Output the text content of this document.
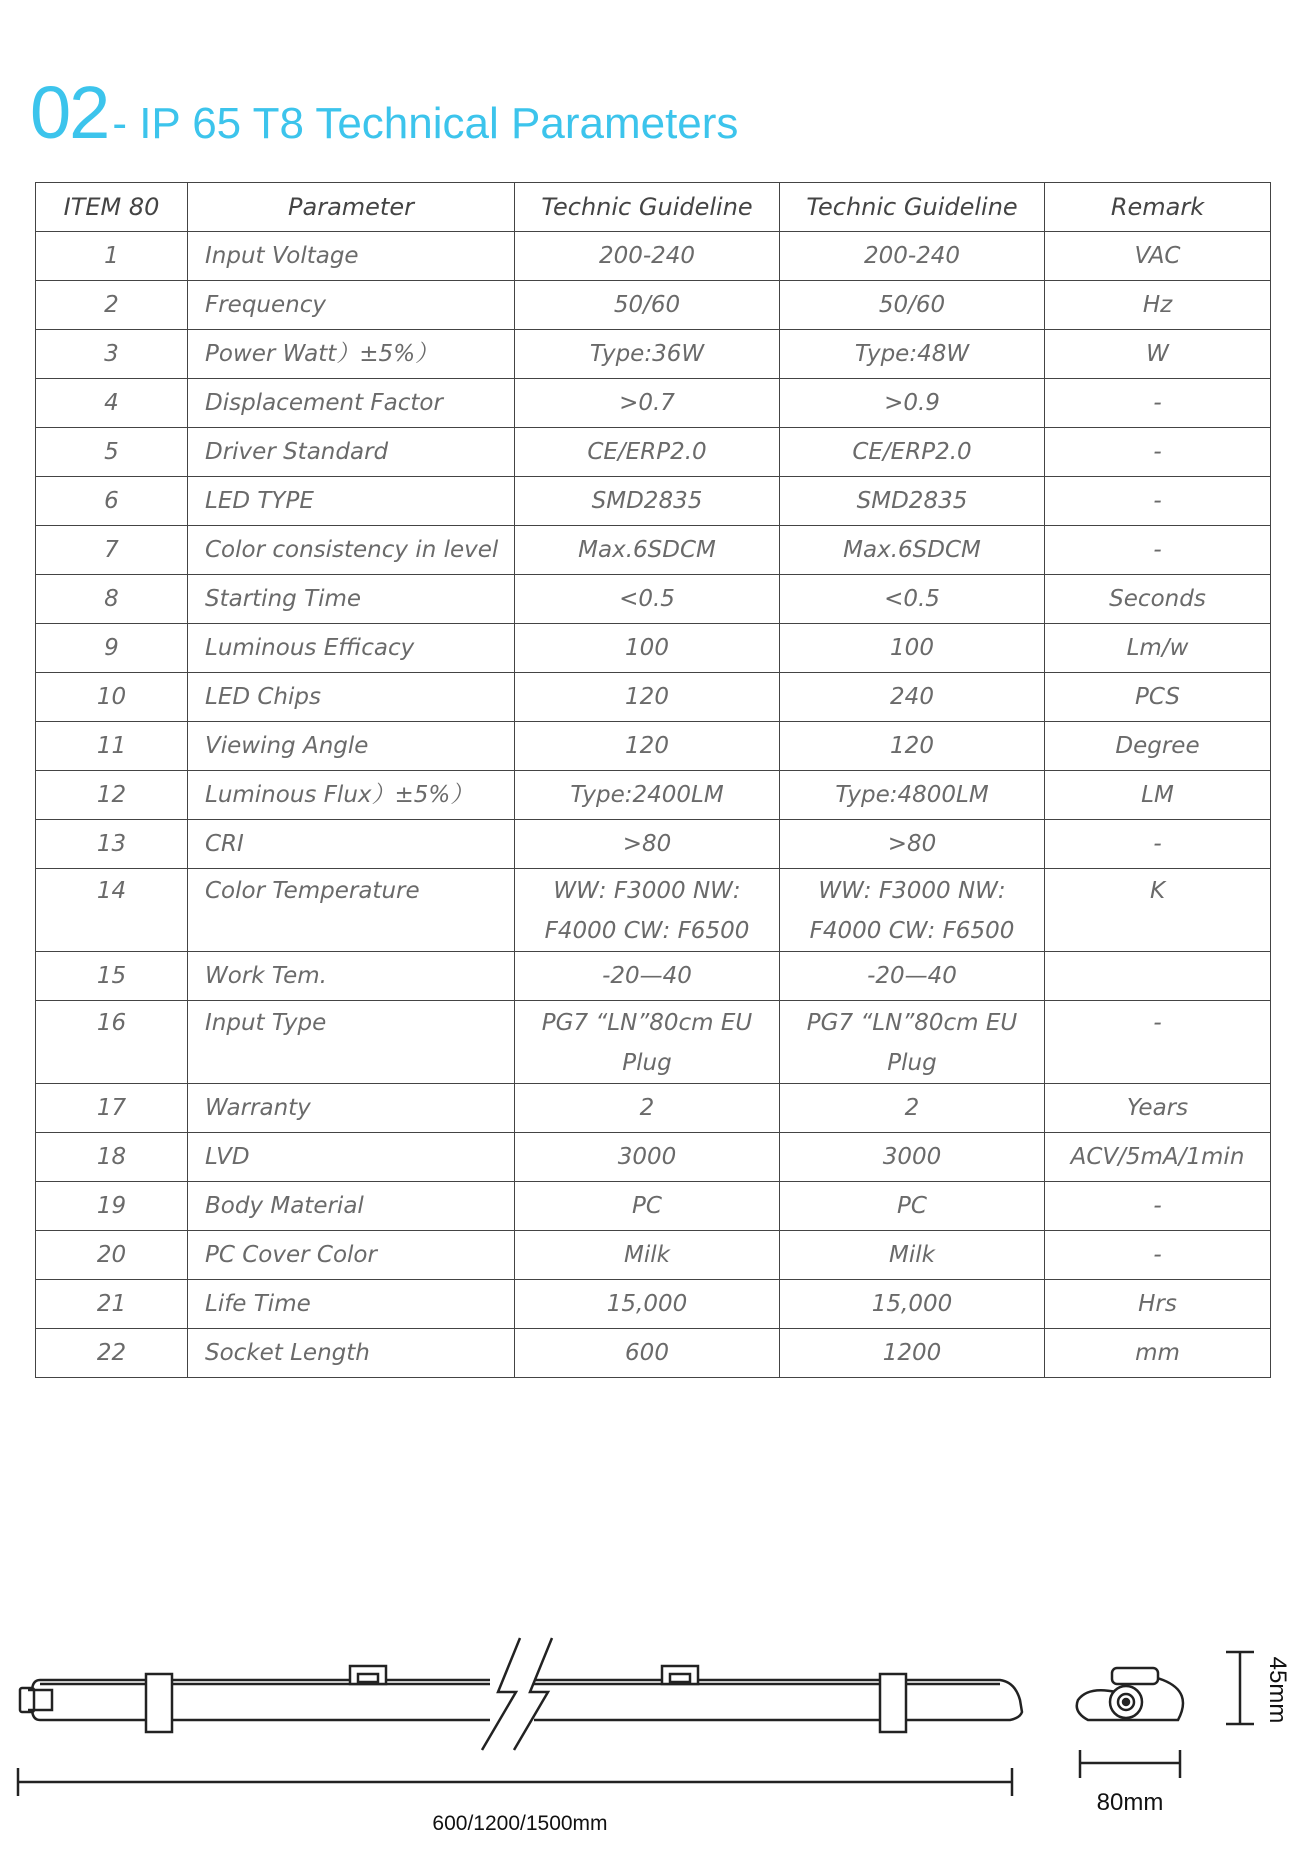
02 - IP 65 T8 Technical Parameters
ITEM 80	Parameter	Technic Guideline	Technic Guideline	Remark
1	Input Voltage	200-240	200-240	VAC
2	Frequency	50/60	50/60	Hz
3	Power Watt）±5%）	Type:36W	Type:48W	W
4	Displacement Factor	>0.7	>0.9	-
5	Driver Standard	CE/ERP2.0	CE/ERP2.0	-
6	LED TYPE	SMD2835	SMD2835	-
7	Color consistency in level	Max.6SDCM	Max.6SDCM	-
8	Starting Time	<0.5	<0.5	Seconds
9	Luminous Efficacy	100	100	Lm/w
10	LED Chips	120	240	PCS
11	Viewing Angle	120	120	Degree
12	Luminous Flux）±5%）	Type:2400LM	Type:4800LM	LM
13	CRI	>80	>80	-
14	Color Temperature	WW: F3000 NW: F4000 CW: F6500	WW: F3000 NW: F4000 CW: F6500	K
15	Work Tem.	-20—40	-20—40	
16	Input Type	PG7 “LN”80cm EU Plug	PG7 “LN”80cm EU Plug	-
17	Warranty	2	2	Years
18	LVD	3000	3000	ACV/5mA/1min
19	Body Material	PC	PC	-
20	PC Cover Color	Milk	Milk	-
21	Life Time	15,000	15,000	Hrs
22	Socket Length	600	1200	mm
600/1200/1500mm
80mm
45mm
